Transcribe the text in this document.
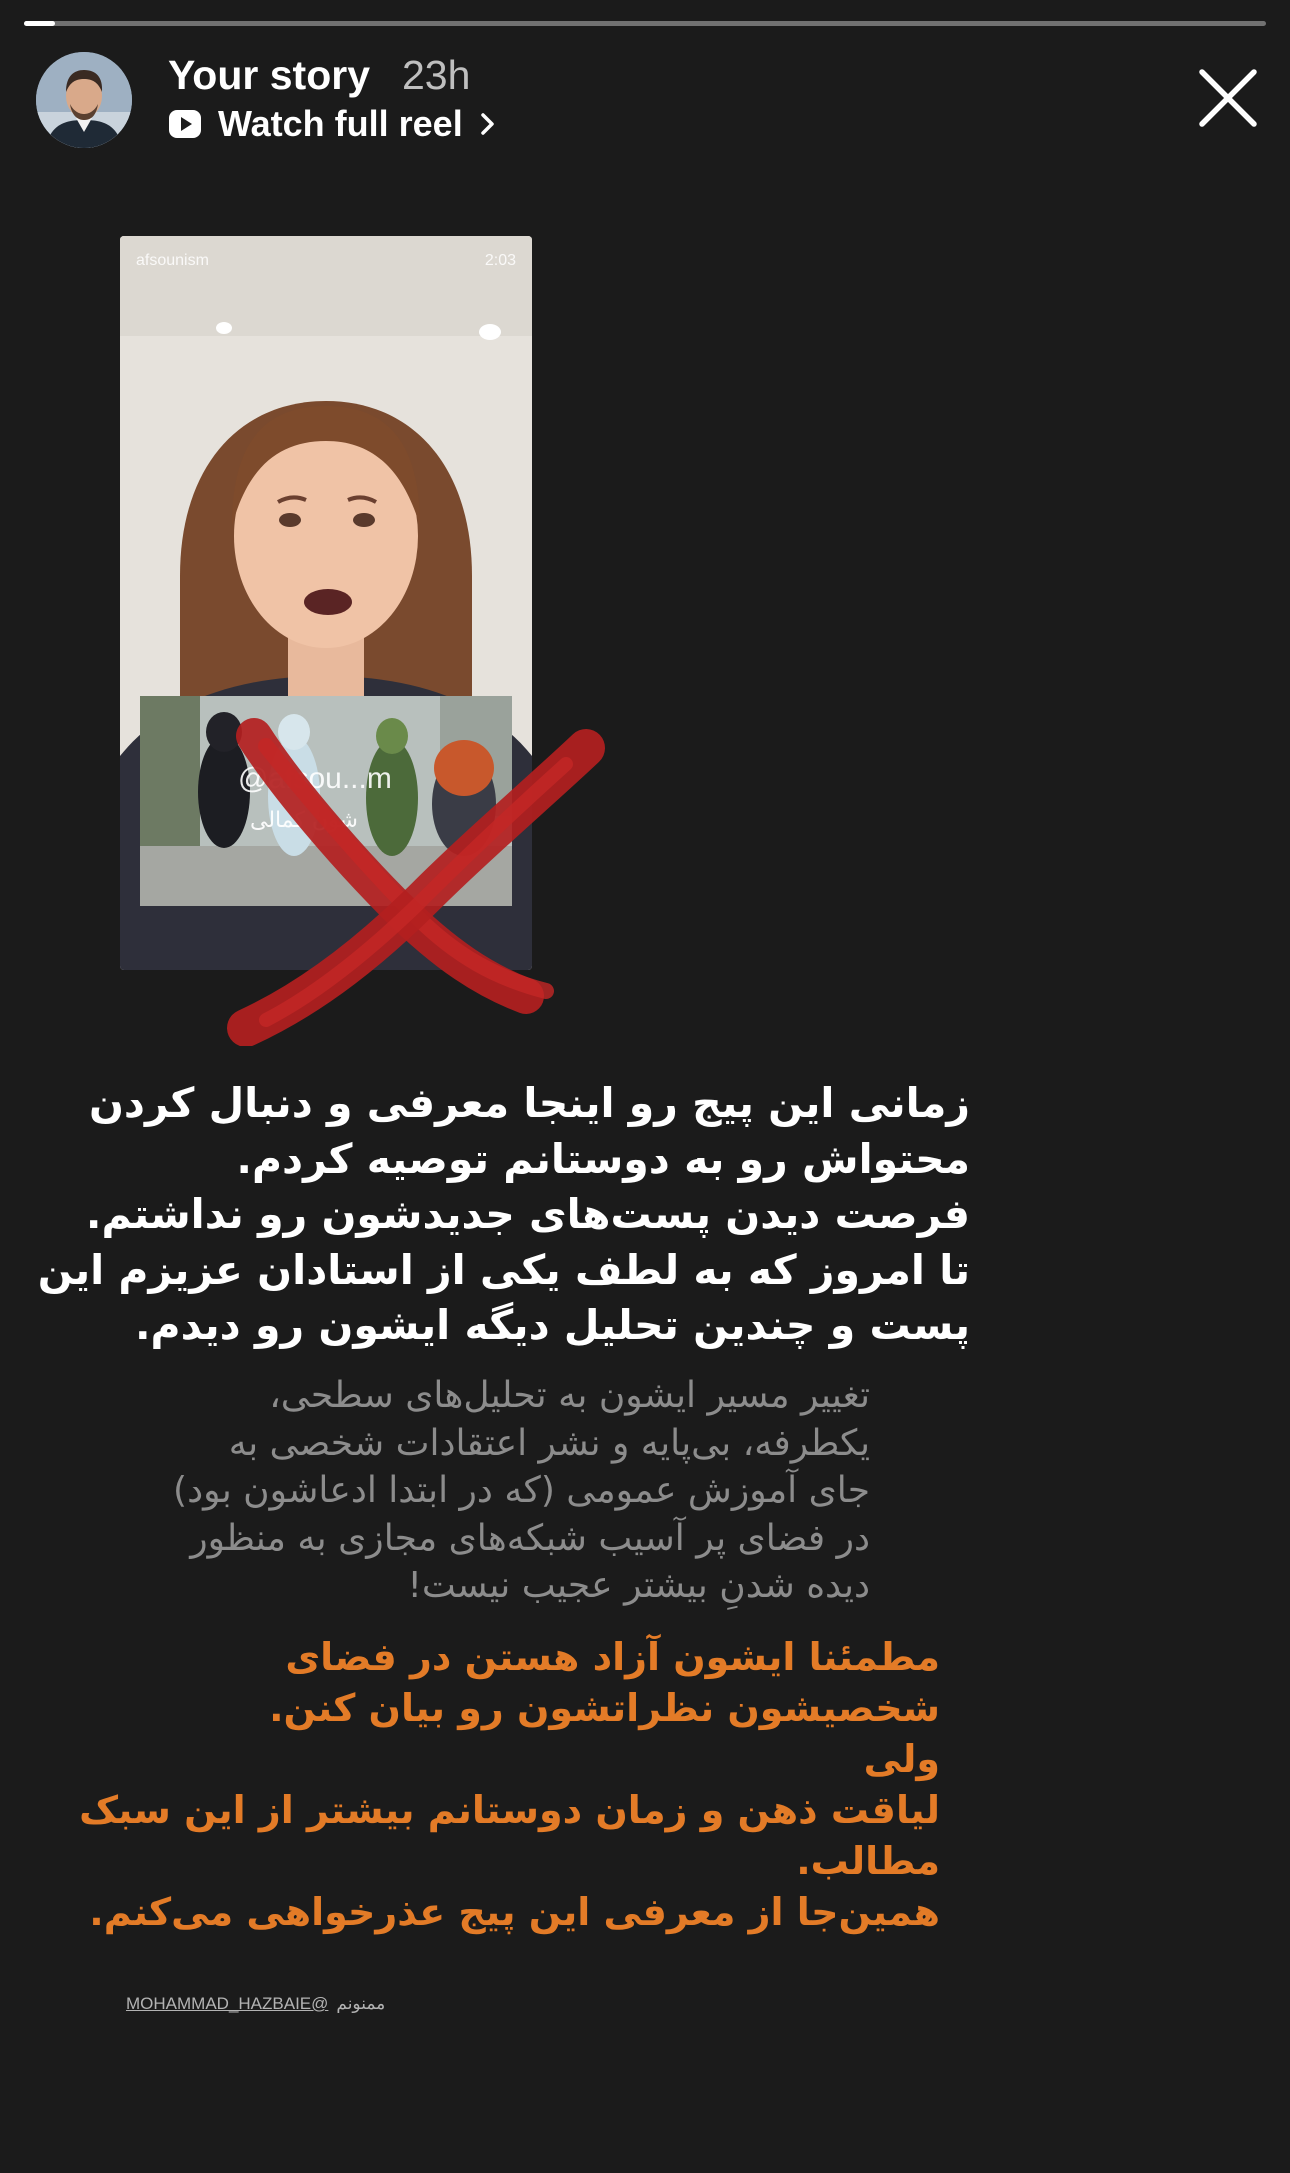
Your story 23h
Watch full reel
afsounism	2:03
@afsou...m
شون کمالی
زمانی این پیج رو اینجا معرفی و دنبال کردن
محتواش رو به دوستانم توصیه کردم.
فرصت دیدن پست‌های جدیدشون رو نداشتم.
تا امروز که به لطف یکی از استادان عزیزم این
پست و چندین تحلیل دیگه ایشون رو دیدم.
تغییر مسیر ایشون به تحلیل‌های سطحی،
یکطرفه، بی‌پایه و نشر اعتقادات شخصی به
جای آموزش عمومی (که در ابتدا ادعاشون بود)
در فضای پر آسیب شبکه‌های مجازی به منظور
دیده شدنِ بیشتر عجیب نیست!
مطمئنا ایشون آزاد هستن در فضای
شخصیشون نظراتشون رو بیان کنن.
ولی
لیاقت ذهن و زمان دوستانم بیشتر از این سبک
مطالب.
همین‌جا از معرفی این پیج عذرخواهی می‌کنم.
MOHAMMAD_HAZBAIE@ ممنونم
